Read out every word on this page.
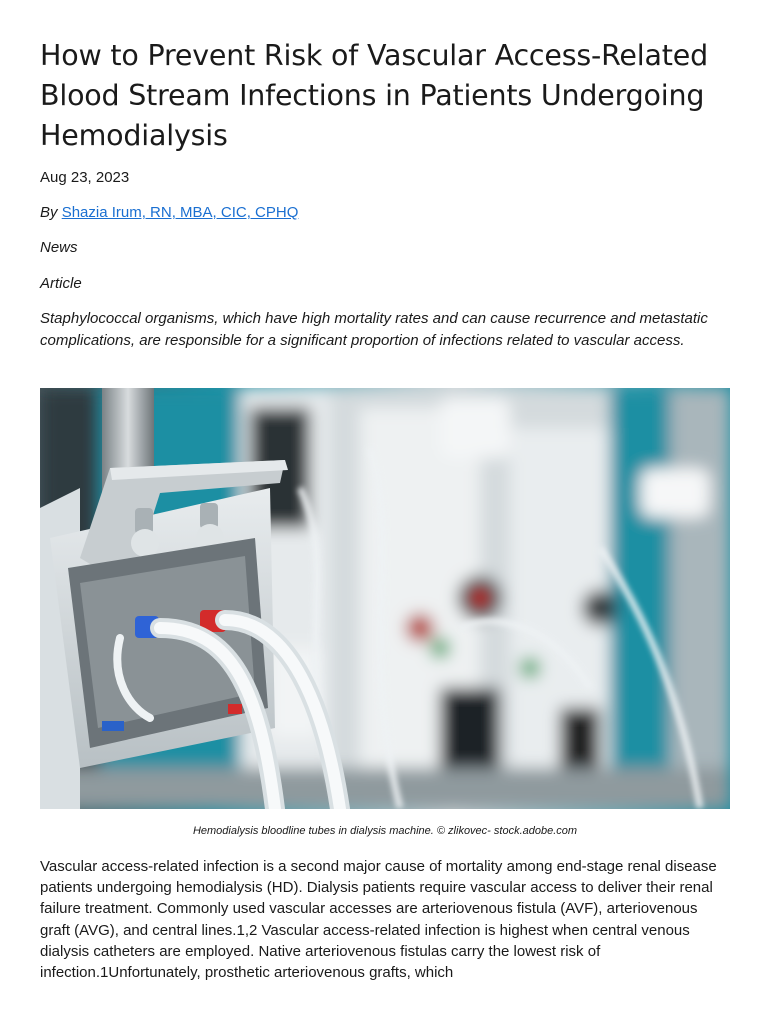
How to Prevent Risk of Vascular Access-Related Blood Stream Infections in Patients Undergoing Hemodialysis
Aug 23, 2023
By Shazia Irum, RN, MBA, CIC, CPHQ
News
Article

Staphylococcal organisms, which have high mortality rates and can cause recurrence and metastatic complications, are responsible for a significant proportion of infections related to vascular access.

Hemodialysis bloodline tubes in dialysis machine. © zlikovec- stock.adobe.com

Vascular access-related infection is a second major cause of mortality among end-stage renal disease patients undergoing hemodialysis (HD). Dialysis patients require vascular access to deliver their renal failure treatment. Commonly used vascular accesses are arteriovenous fistula (AVF), arteriovenous graft (AVG), and central lines.1,2 Vascular access-related infection is highest when central venous dialysis catheters are employed. Native arteriovenous fistulas carry the lowest risk of infection.1Unfortunately, prosthetic arteriovenous grafts, which
